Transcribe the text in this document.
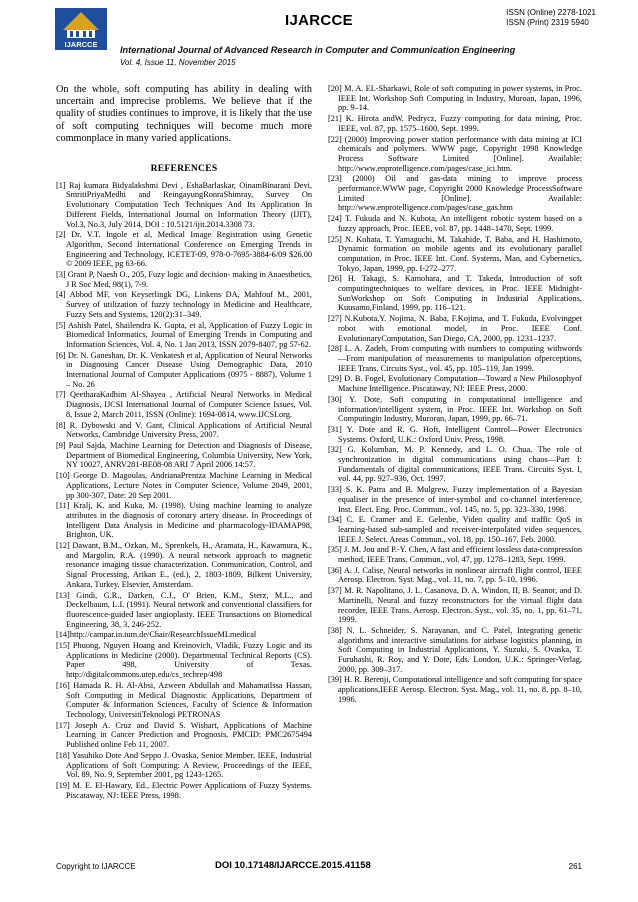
IJARCCE
IJARCCE	ISSN (Online) 2278-1021
ISSN (Print) 2319 5940
International Journal of Advanced Research in Computer and Communication Engineering
Vol. 4, Issue 11, November 2015

On the whole, soft computing has ability in dealing with uncertain and imprecise problems. We believe that if the quality of studies continues to improve, it is likely that the use of soft computing techniques will become much more commonplace in many varied applications.

REFERENCES

[1] Raj kumara Bidyalakshmi Devi , EshaBarlaskar, OinamBinarani Devi, SmritiPriyaMedhi and ReingayungRonraShimray, Survey On Evolutionary Computation Tech Techniques And Its Application In Different Fields, International Journal on Information Theory (IJIT), Vol.3, No.3, July 2014, DOI : 10.5121/ijit.2014.3308 73.

[2] Dr. V.T. Ingole et al, Medical Image Registration using Genetic Algorithm, Second International Conference on Emerging Trends in Engineering and Technology, ICETET-09, 978-0-7695-3884-6/09 $26.00 © 2009 IEEE, pg 63-66.

[3] Grant P, Naesh O., 205, Fuzy logic and decision- making in Anaesthetics, J R Soc Med, 98(1), 7-9.

[4] Abbod MF, von Keyserlingk DG, Linkens DA, Mahfouf M., 2001, Survey of utilization of fuzzy technology in Medicine and Healthcare, Fuzzy Sets and Systems, 120(2):31–349.

[5] Ashish Patel, Shailendra K. Gupta, et al, Application of Fuzzy Logic in Biomedical Informatics, Journal of Emerging Trends in Computing and Information Sciences, Vol. 4, No. 1 Jan 2013, ISSN 2079-8407, pg 57-62.

[6] Dr. N. Ganeshan, Dr. K. Venkatesh et al, Application of Neural Networks in Diagnosing Cancer Disease Using Demographic Data, 2010 International Journal of Computer Applications (0975 - 8887), Volume 1 – No. 26

[7] QeetharaKadhim Al-Shayea , Artificial Neural Networks in Medical Diagnosis, IJCSI International Journal of Computer Science Issues, Vol. 8, Issue 2, March 2011, ISSN (Online): 1694-0814, www.IJCSI.org.

[8] R. Dybowski and V. Gant, Clinical Applications of Artificial Neural Networks, Cambridge University Press, 2007.

[9] Paul Sajda, Machine Learning for Detection and Diagnosis of Disease, Department of Biomedical Engineering, Columbia University, New York, NY 10027, ANRV281-BE08-08 ARI 7 April 2006 14:57.

[10] George D. Magoulas, AndrianaPrentza Machine Learning in Medical Applications, Lecture Notes in Computer Science, Volume 2049, 2001, pp 300-307, Date: 20 Sep 2001.

[11] Kralj, K. and Kuka, M. (1998). Using machine learning to analyze attributes in the diagnosis of coronary artery disease. In Proceedings of Intelligent Data Analysis in Medicine and pharmacology-IDAMAP98, Brighton, UK.

[12] Dawant, B.M., Ozkan, M., Sprenkels, H., Aramata, H., Kawamura, K., and Margolin, R.A. (1990). A neural network approach to magnetic resonance imaging tissue characterization. Communication, Control, and Signal Processing, Arikan E., (ed.), 2, 1803-1809, Bilkent University, Ankara, Turkey. Elsevier, Amsterdam.

[13] Gindi, G.R., Darken, C.J., O' Brien, K.M., Sterz, M.L., and Deckelbaum, L.I. (1991). Neural network and conventional classifiers for fluorescence-guided laser angioplasty. IEEE Transactions on Biomedical Engineering, 38, 3, 246-252.

[14]http://campar.in.tum.de/Chair/ResearchIssueMLmedical

[15] Phuong, Nguyen Hoang and Kreinovich, Vladik, Fuzzy Logic and its Applications in Medicine (2000). Departmental Technical Reports (CS). Paper 498, University of Texas. http://digitalcommons.utep.edu/cs_techrep/498

[16] Hamada R. H. Al-Absi, Azween Abdullah and MahamatIssa Hassan, Soft Computing in Medical Diagnostic Applications, Department of Computer & Information Sciences, Faculty of Science & Information Technology, UniversitiTeknologi PETRONAS

[17] Joseph A. Cruz and David S. Wishart, Applications of Machine Learning in Cancer Prediction and Prognosis, PMCID: PMC2675494 Published online Feb 11, 2007.

[18] Yasuhiko Dote And Seppo J. Ovaska, Senior Member, IEEE, Industrial Applications of Soft Computing: A Review, Proceedings of the IEEE, Vol. 89, No. 9, September 2001, pg 1243-1265.

[19] M. E. El-Hawary, Ed., Electric Power Applications of Fuzzy Systems. Piscataway, NJ: IEEE Press, 1998.

[20] M. A. EL-Sharkawi, Role of soft computing in power systems, in Proc. IEEE Int. Workshop Soft Computing in Industry, Muroan, Japan, 1996, pp. 9–14.

[21] K. Hirota andW. Pedrycz, Fuzzy computing for data mining, Proc. IEEE, vol. 87, pp. 1575–1600, Sept. 1999.

[22] (2000) Improving power station performance with data mining at ICI chemicals and polymers. WWW page, Copyright 1998 Knowledge Process Software Limited [Online]. Available: http://www.enprotelligence.com/pages/case_ici.htm.

[23] (2000) Oil and gas-data mining to improve process performance.WWW page, Copyright 2000 Knowledge ProcessSoftware Limited [Online]. Available: http://www.enprotelligence.com/pages/case_gas.htm

[24] T. Fukuda and N. Kubota, An intelligent robotic system based on a fuzzy approach, Proc. IEEE, vol. 87, pp. 1448–1470, Sept. 1999.

[25] N. Kohata, T. Yamaguchi, M. Takahide, T. Baba, and H. Hashimoto, Dynamic formation on mobile agents and its evolutionary parallel computation, in Proc. IEEE Int. Conf. Systems, Man, and Cybernetics, Tokyo, Japan, 1999, pp. I-272–277.

[26] H. Takagi, S. Kamohara, and T. Takeda, Introduction of soft computingtechniques to welfare devices, in Proc. IEEE Midnight-SunWorkshop on Soft Computing in Industrial Applications, Kuusamo,Finland, 1999, pp. 116–121.

[27] N.Kubota,Y. Nojima, N. Baba, F.Kojima, and T. Fukuda, Evolvingpet robot with emotional model, in Proc. IEEE Conf. EvolutionaryComputation, San Diego, CA, 2000, pp. 1231–1237.

[28] L. A. Zadeh, From computing with numbers to computing withwords—From manipulation of measurements to manipulation ofperceptions, IEEE Trans. Circuits Syst., vol. 45, pp. 105–119, Jan 1999.

[29] D. B. Fogel, Evolutionary Computation—Toward a New Philosophyof Machine Intelligence. Piscataway, NJ: IEEE Press, 2000.

[30] Y. Dote, Soft computing in computational intelligence and information/intelligent system, in Proc. IEEE Int. Workshop on Soft Computingin Industry, Muroran, Japan, 1999, pp. 66–71.

[31] Y. Dote and R. G. Hoft, Intelligent Control—Power Electronics Systems. Oxford, U.K.: Oxford Univ. Press, 1998.

[32] G. Kolumban, M. P. Kennedy, and L. O. Chua, The role of synchronization in digital communications using chaos—Part I: Fundamentals of digital communications, IEEE Trans. Circuits Syst. I, vol. 44, pp. 927–936, Oct. 1997.

[33] S. K. Patra and B. Mulgrew, Fuzzy implementation of a Bayesian equaliser in the presence of inter-symbol and co-channel interference, Inst. Elect. Eng. Proc. Commun., vol. 145, no. 5, pp. 323–330, 1998.

[34] C. E. Cramer and E. Gelenbe, Video quality and traffic QoS in learning-based sub-sampled and receiver-interpolated video sequences, IEEE J. Select. Areas Commun., vol. 18, pp. 150–167, Feb. 2000.

[35] J. M. Jou and P.-Y. Chen, A fast and efficient lossless data-compression method, IEEE Trans. Commun., vol. 47, pp. 1278–1283, Sept. 1999.

[36] A. J. Calise, Neural networks in nonlinear aircraft flight control, IEEE Aerosp. Electron. Syst. Mag., vol. 11, no. 7, pp. 5–10, 1996.

[37] M. R. Napolitano, J. L. Casanova, D. A. Windon, II, B. Seanor, and D. Martinelli, Neural and fuzzy reconstructors for the virtual flight data recorder, IEEE Trans. Aerosp. Electron. Syst., vol. 35, no. 1, pp. 61–71, 1999.

[38] N. L. Schneider, S. Narayanan, and C. Patel, Integrating genetic algorithms and interactive simulations for airbase logistics planning, in Soft Computing in Industrial Applications, Y. Suzuki, S. Ovaska, T. Furuhashi, R. Roy, and Y. Dote, Eds. London, U.K.: Springer-Verlag, 2000, pp. 309–317.

[39] H. R. Berenji, Computational intelligence and soft computing for space applications,IEEE Aerosp. Electron. Syst. Mag., vol. 11, no. 8, pp. 8–10, 1996.

Copyright to IJARCCE	DOI 10.17148/IJARCCE.2015.41158	261
